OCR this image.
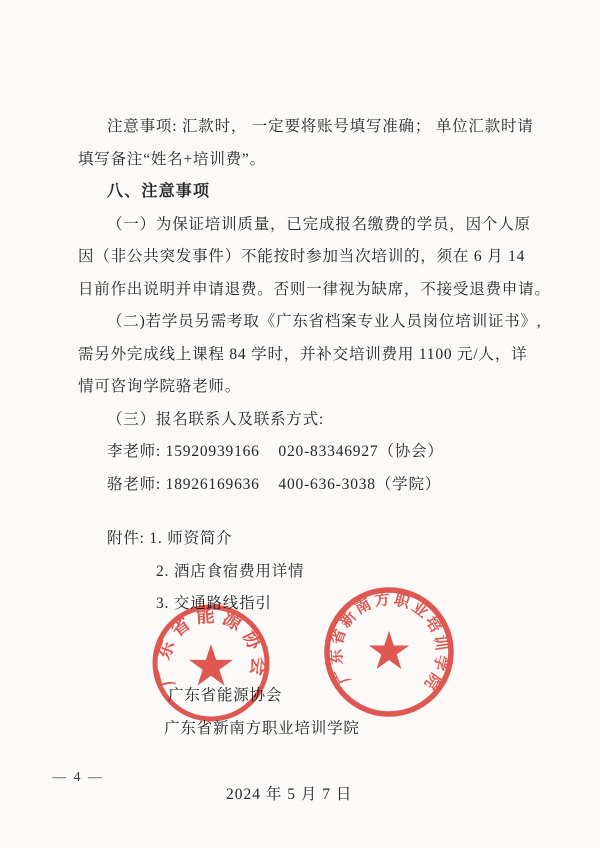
注意事项: 汇款时， 一定要将账号填写准确； 单位汇款时请
填写备注“姓名+培训费”。
八、注意事项
（一）为保证培训质量，已完成报名缴费的学员，因个人原
因（非公共突发事件）不能按时参加当次培训的，须在 6 月 14
日前作出说明并申请退费。否则一律视为缺席，不接受退费申请。
（二)若学员另需考取《广东省档案专业人员岗位培训证书》,
需另外完成线上课程 84 学时，并补交培训费用 1100 元/人，详
情可咨询学院骆老师。
（三）报名联系人及联系方式:
李老师: 15920939166    020-83346927（协会）
骆老师: 18926169636    400-636-3038（学院）
附件: 1. 师资简介
2. 酒店食宿费用详情
3. 交通路线指引

广东省能源协会
广东省新南方职业培训学院

2024 年 5 月 7 日
广东省能源协会	广东省新南方职业培训学院
— 4 —
